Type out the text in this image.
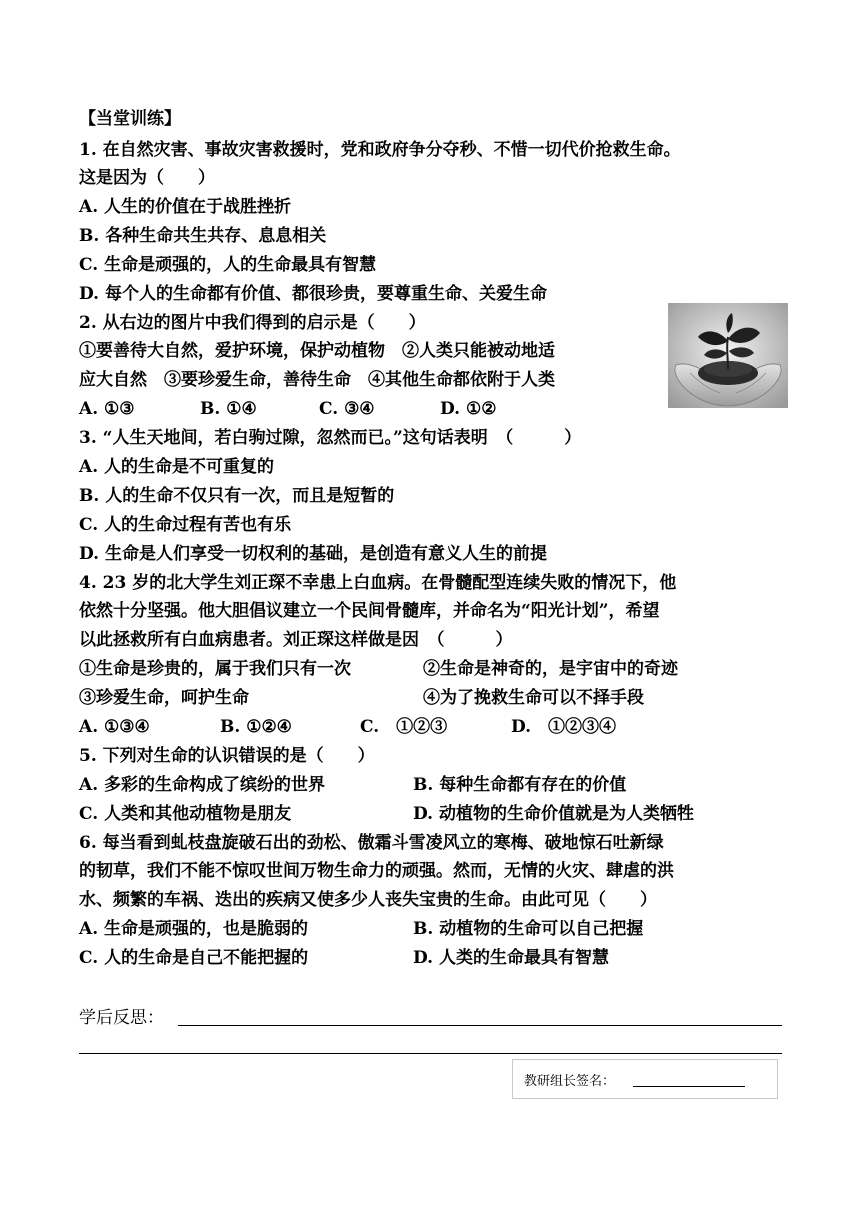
【当堂训练】
1. 在自然灾害、事故灾害救援时，党和政府争分夺秒、不惜一切代价抢救生命。
这是因为（　　）
A. 人生的价值在于战胜挫折
B. 各种生命共生共存、息息相关
C. 生命是顽强的，人的生命最具有智慧
D. 每个人的生命都有价值、都很珍贵，要尊重生命、关爱生命
2. 从右边的图片中我们得到的启示是（　　）
①要善待大自然，爱护环境，保护动植物　②人类只能被动地适
应大自然　③要珍爱生命，善待生命　④其他生命都依附于人类
A. ①③	B. ①④	C. ③④	D. ①②
3. “人生天地间，若白驹过隙，忽然而已。”这句话表明　（　　　）
A. 人的生命是不可重复的
B. 人的生命不仅只有一次，而且是短暂的
C. 人的生命过程有苦也有乐
D. 生命是人们享受一切权利的基础，是创造有意义人生的前提
4. 23 岁的北大学生刘正琛不幸患上白血病。在骨髓配型连续失败的情况下，他
依然十分坚强。他大胆倡议建立一个民间骨髓库，并命名为“阳光计划”，希望
以此拯救所有白血病患者。刘正琛这样做是因　（　　　）
①生命是珍贵的，属于我们只有一次	②生命是神奇的，是宇宙中的奇迹
③珍爱生命，呵护生命	④为了挽救生命可以不择手段
A. ①③④	B. ①②④	C.　①②③	D.　①②③④
5. 下列对生命的认识错误的是（　　）
A. 多彩的生命构成了缤纷的世界	B. 每种生命都有存在的价值
C. 人类和其他动植物是朋友	D. 动植物的生命价值就是为人类牺牲
6. 每当看到虬枝盘旋破石出的劲松、傲霜斗雪凌风立的寒梅、破地惊石吐新绿
的韧草，我们不能不惊叹世间万物生命力的顽强。然而，无情的火灾、肆虐的洪
水、频繁的车祸、迭出的疾病又使多少人丧失宝贵的生命。由此可见（　　）
A. 生命是顽强的，也是脆弱的	B. 动植物的生命可以自己把握
C. 人的生命是自己不能把握的	D. 人类的生命最具有智慧
学后反思：
教研组长签名：
